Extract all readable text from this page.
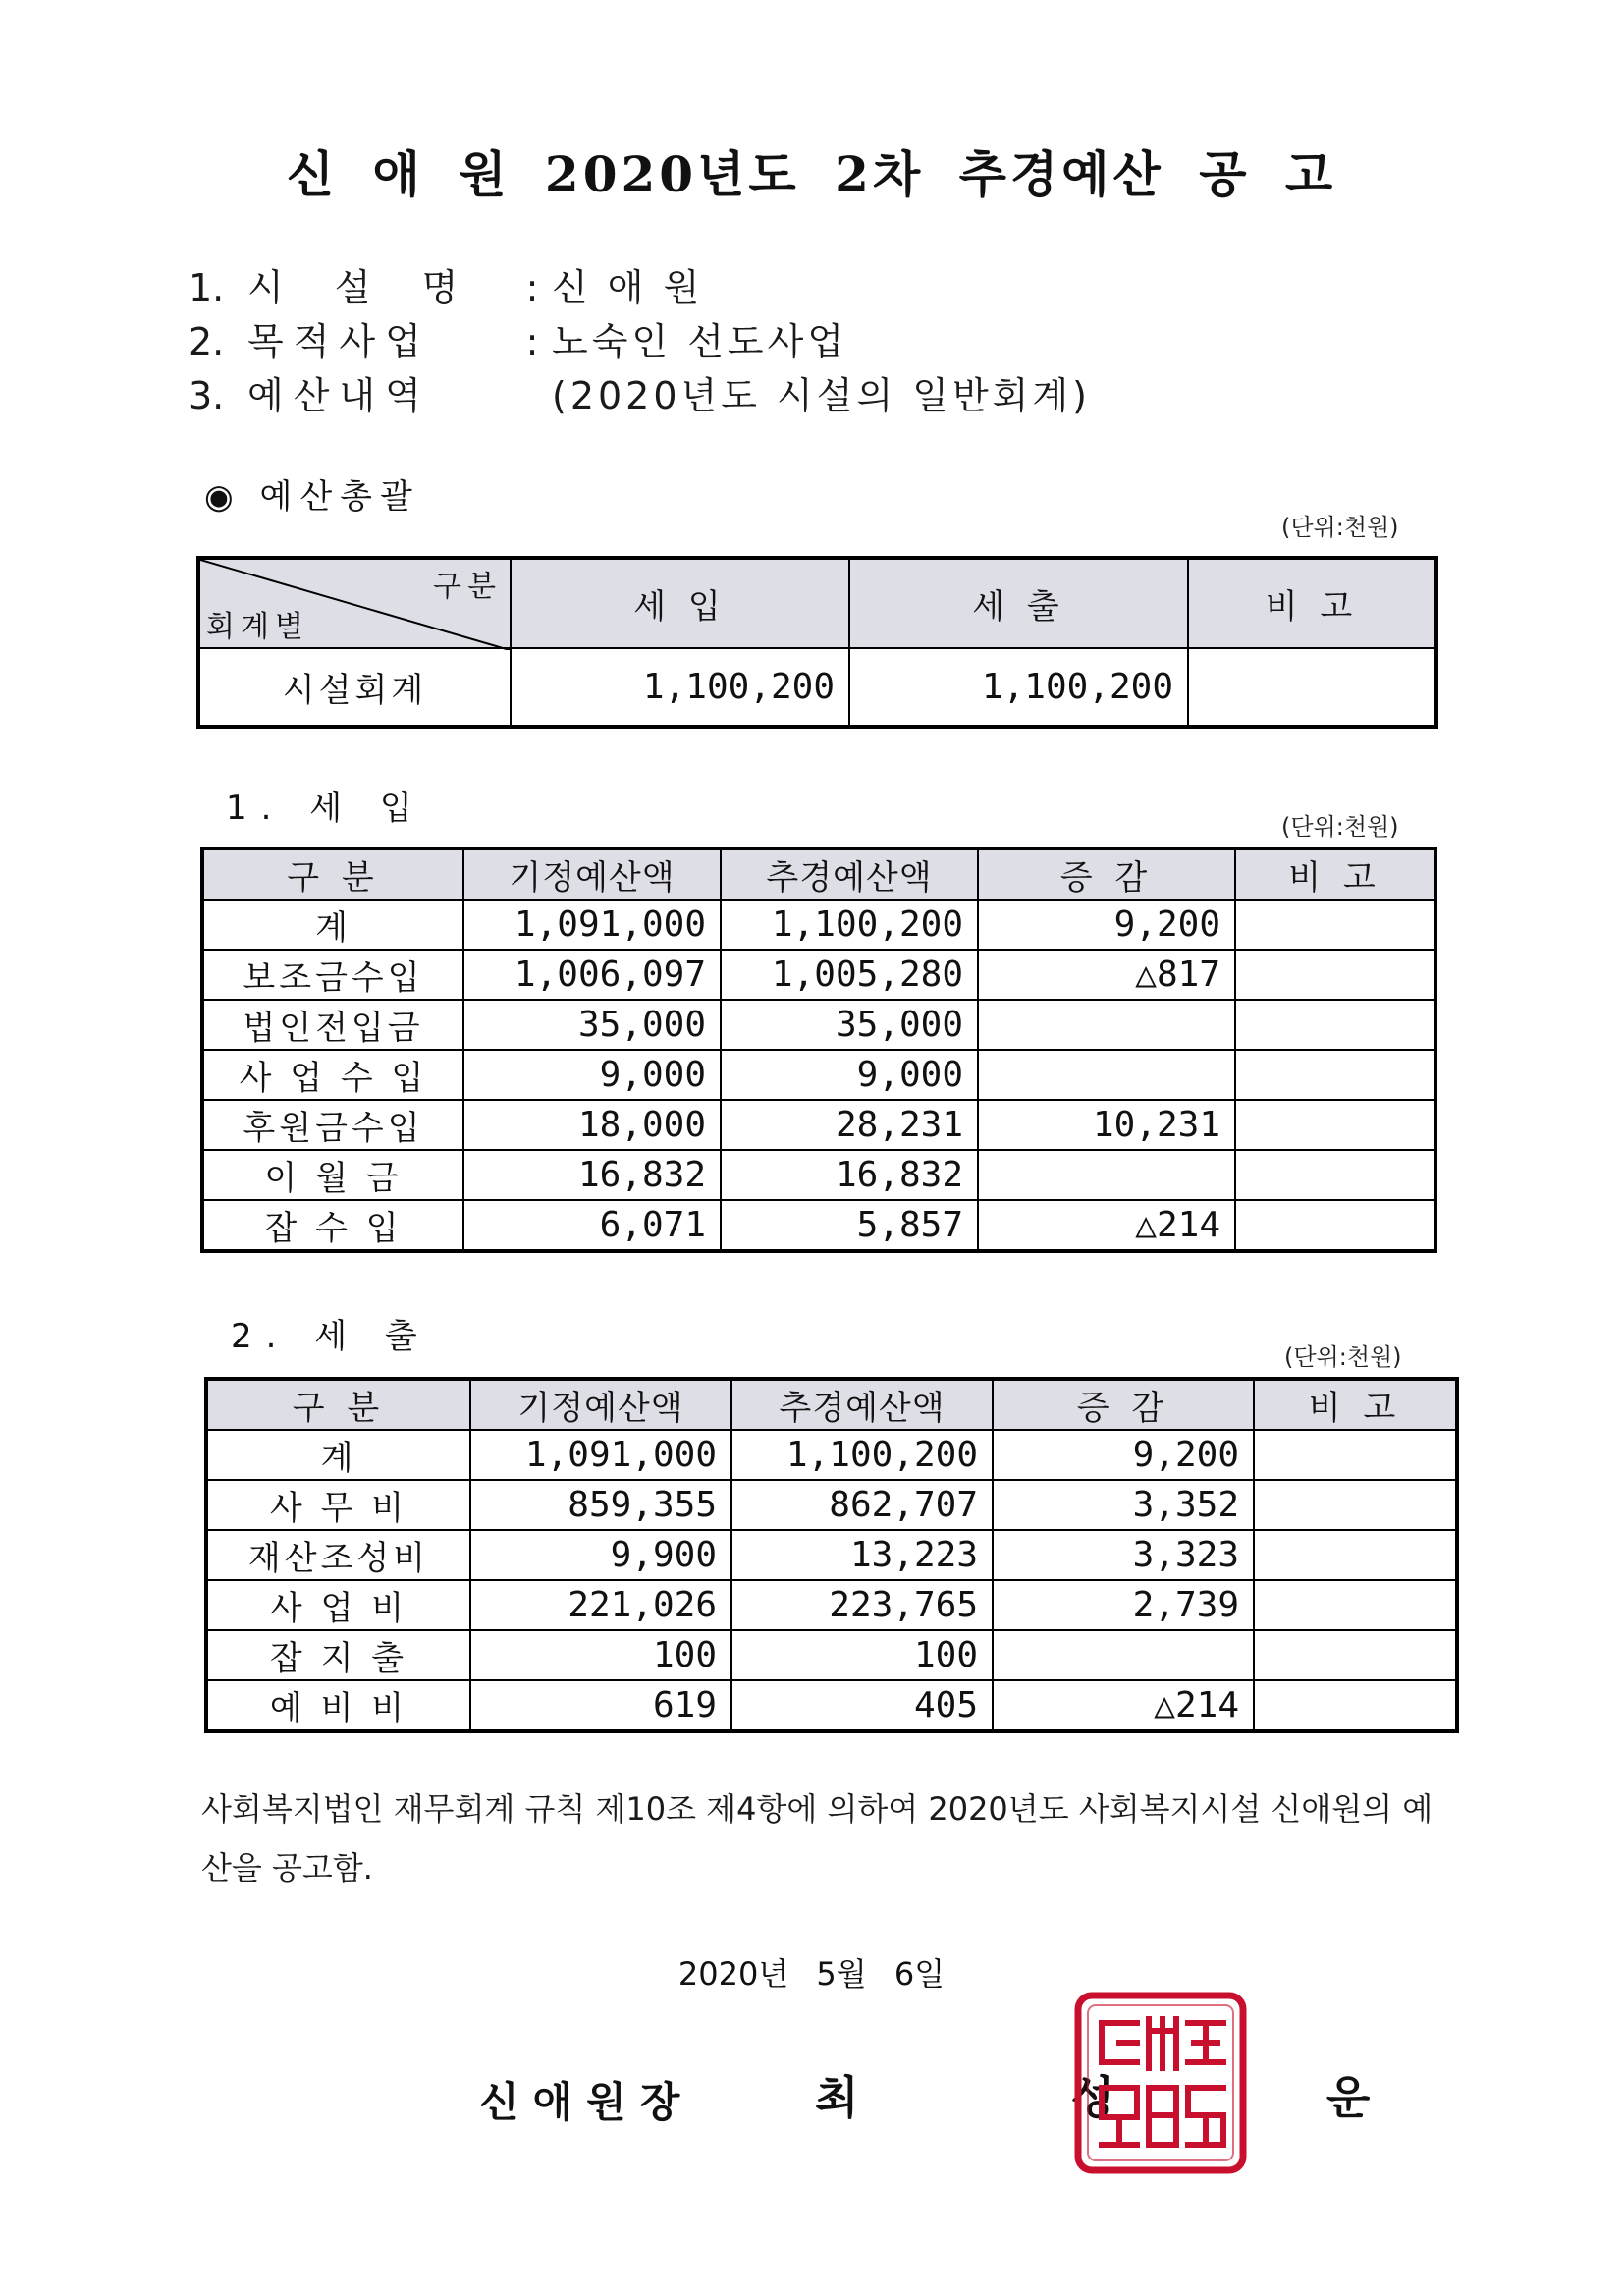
신 애 원 2020년도 2차 추경예산 공 고
1. 시 설 명 : 신 애 원
2. 목적사업	: 노숙인 선도사업
3. 예산내역	(2020년도 시설의 일반회계)
◉ 예산총괄
(단위:천원)
구분
회계별	세 입	세 출	비 고
시설회계	1,100,200	1,100,200	
1. 세 입	(단위:천원)
구 분	기정예산액	추경예산액	증 감	비 고
계	1,091,000	1,100,200	9,200	
보조금수입	1,006,097	1,005,280	△817	
법인전입금	35,000	35,000		
사 업 수 입	9,000	9,000		
후원금수입	18,000	28,231	10,231	
이 월 금	16,832	16,832		
잡 수 입	6,071	5,857	△214	
2. 세 출
(단위:천원)
구 분	기정예산액	추경예산액	증 감	비 고
계	1,091,000	1,100,200	9,200	
사 무 비	859,355	862,707	3,352	
재산조성비	9,900	13,223	3,323	
사 업 비	221,026	223,765	2,739	
잡 지 출	100	100		
예 비 비	619	405	△214	
사회복지법인 재무회계 규칙 제10조 제4항에 의하여 2020년도 사회복지시설 신애원의 예산을 공고함.
2020년 5월 6일
신애원장	최 성 운
